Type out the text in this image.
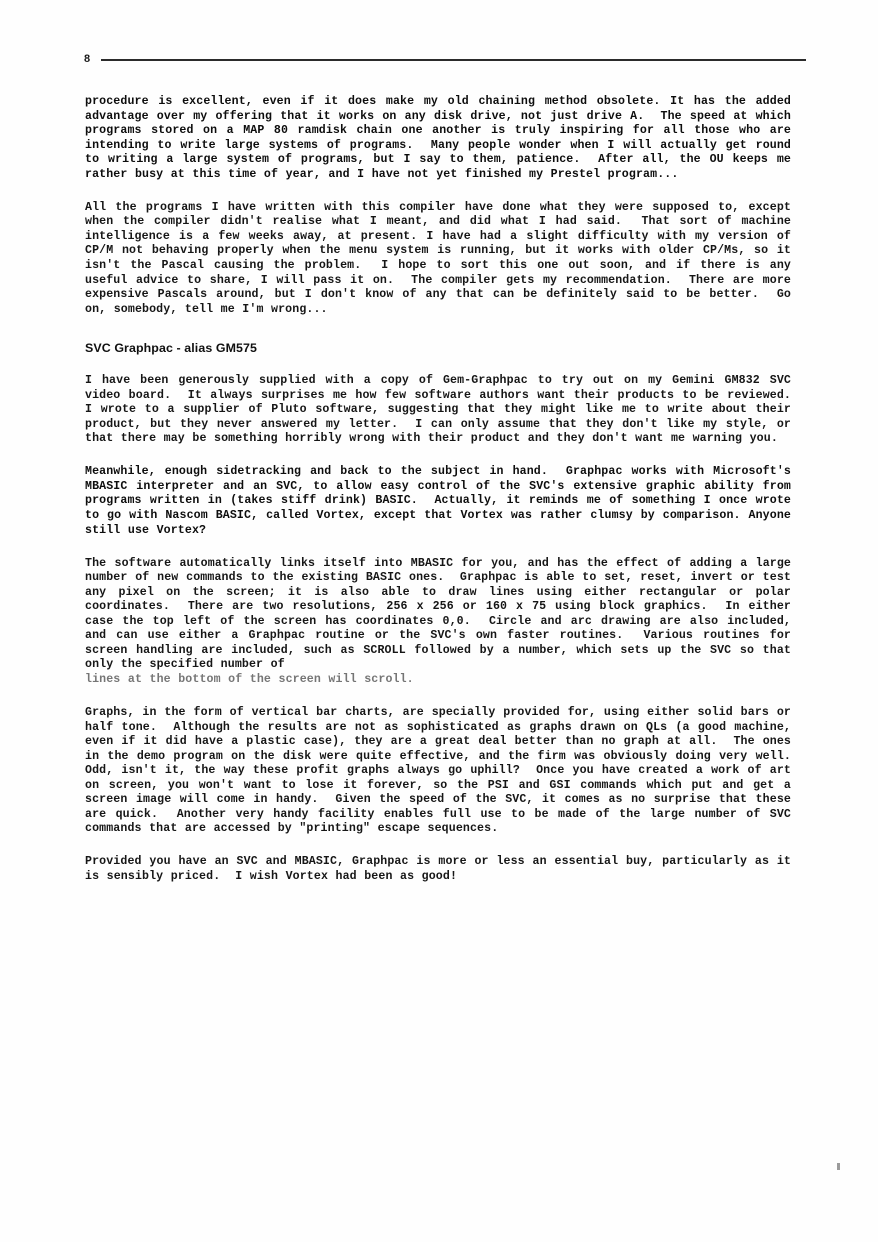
8

procedure is excellent, even if it does make my old chaining method obsolete. It has the added advantage over my offering that it works on any disk drive, not just drive A.  The speed at which programs stored on a MAP 80 ramdisk chain one another is truly inspiring for all those who are intending to write large systems of programs.  Many people wonder when I will actually get round to writing a large system of programs, but I say to them, patience.  After all, the OU keeps me rather busy at this time of year, and I have not yet finished my Prestel program...

All the programs I have written with this compiler have done what they were supposed to, except when the compiler didn't realise what I meant, and did what I had said.  That sort of machine intelligence is a few weeks away, at present. I have had a slight difficulty with my version of CP/M not behaving properly when the menu system is running, but it works with older CP/Ms, so it isn't the Pascal causing the problem.  I hope to sort this one out soon, and if there is any useful advice to share, I will pass it on.  The compiler gets my recommendation.  There are more expensive Pascals around, but I don't know of any that can be definitely said to be better.  Go on, somebody, tell me I'm wrong...

SVC Graphpac - alias GM575

I have been generously supplied with a copy of Gem-Graphpac to try out on my Gemini GM832 SVC video board.  It always surprises me how few software authors want their products to be reviewed.  I wrote to a supplier of Pluto software, suggesting that they might like me to write about their product, but they never answered my letter.  I can only assume that they don't like my style, or that there may be something horribly wrong with their product and they don't want me warning you.

Meanwhile, enough sidetracking and back to the subject in hand.  Graphpac works with Microsoft's MBASIC interpreter and an SVC, to allow easy control of the SVC's extensive graphic ability from programs written in (takes stiff drink) BASIC.  Actually, it reminds me of something I once wrote to go with Nascom BASIC, called Vortex, except that Vortex was rather clumsy by comparison. Anyone still use Vortex?

The software automatically links itself into MBASIC for you, and has the effect of adding a large number of new commands to the existing BASIC ones.  Graphpac is able to set, reset, invert or test any pixel on the screen; it is also able to draw lines using either rectangular or polar coordinates.  There are two resolutions, 256 x 256 or 160 x 75 using block graphics.  In either case the top left of the screen has coordinates 0,0.  Circle and arc drawing are also included, and can use either a Graphpac routine or the SVC's own faster routines.  Various routines for screen handling are included, such as SCROLL followed by a number, which sets up the SVC so that only the specified number of
lines at the bottom of the screen will scroll.

Graphs, in the form of vertical bar charts, are specially provided for, using either solid bars or half tone.  Although the results are not as sophisticated as graphs drawn on QLs (a good machine, even if it did have a plastic case), they are a great deal better than no graph at all.  The ones in the demo program on the disk were quite effective, and the firm was obviously doing very well. Odd, isn't it, the way these profit graphs always go uphill?  Once you have created a work of art on screen, you won't want to lose it forever, so the PSI and GSI commands which put and get a screen image will come in handy.  Given the speed of the SVC, it comes as no surprise that these are quick.  Another very handy facility enables full use to be made of the large number of SVC commands that are accessed by "printing" escape sequences.

Provided you have an SVC and MBASIC, Graphpac is more or less an essential buy, particularly as it is sensibly priced.  I wish Vortex had been as good!
